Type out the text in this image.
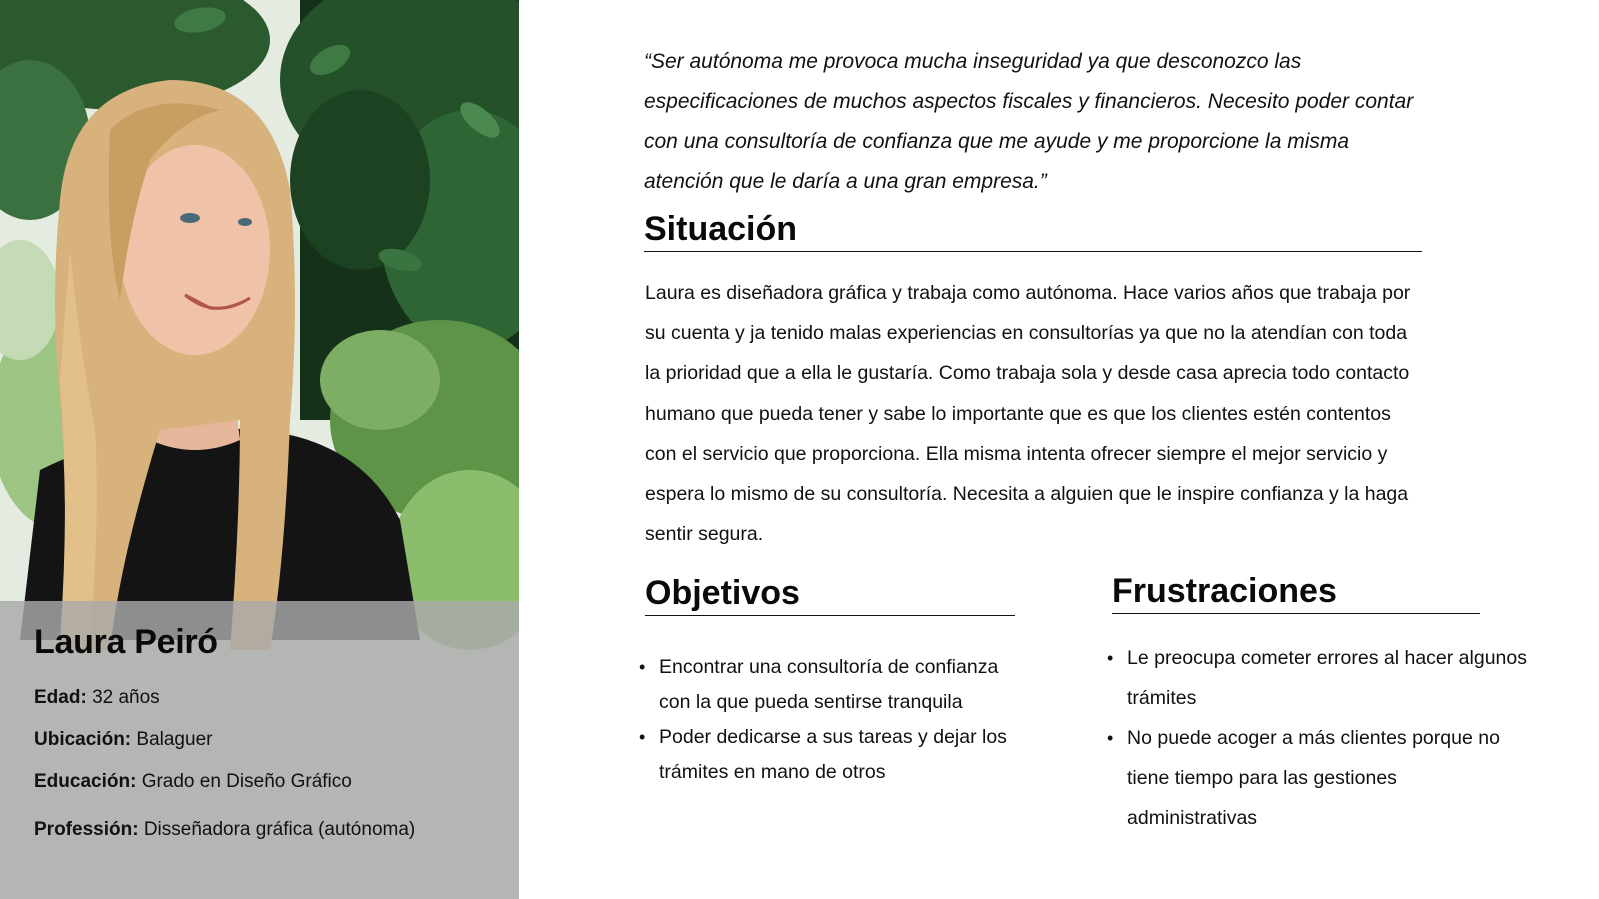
Laura Peiró
Edad: 32 años
Ubicación: Balaguer
Educación: Grado en Diseño Gráfico
Professión: Disseñadora gráfica (autónoma)
“Ser autónoma me provoca mucha inseguridad ya que desconozco las especificaciones de muchos aspectos fiscales y financieros. Necesito poder contar con una consultoría de confianza que me ayude y me proporcione la misma atención que le daría a una gran empresa.”
Situación
Laura es diseñadora gráfica y trabaja como autónoma. Hace varios años que trabaja por su cuenta y ja tenido malas experiencias en consultorías ya que no la atendían con toda la prioridad que a ella le gustaría. Como trabaja sola y desde casa aprecia todo contacto humano que pueda tener y sabe lo importante que es que los clientes estén contentos con el servicio que proporciona. Ella misma intenta ofrecer siempre el mejor servicio y espera lo mismo de su consultoría. Necesita a alguien que le inspire confianza y la haga sentir segura.
Objetivos
• Encontrar una consultoría de confianza con la que pueda sentirse tranquila
• Poder dedicarse a sus tareas y dejar los trámites en mano de otros
Frustraciones
• Le preocupa cometer errores al hacer algunos trámites
• No puede acoger a más clientes porque no tiene tiempo para las gestiones administrativas
